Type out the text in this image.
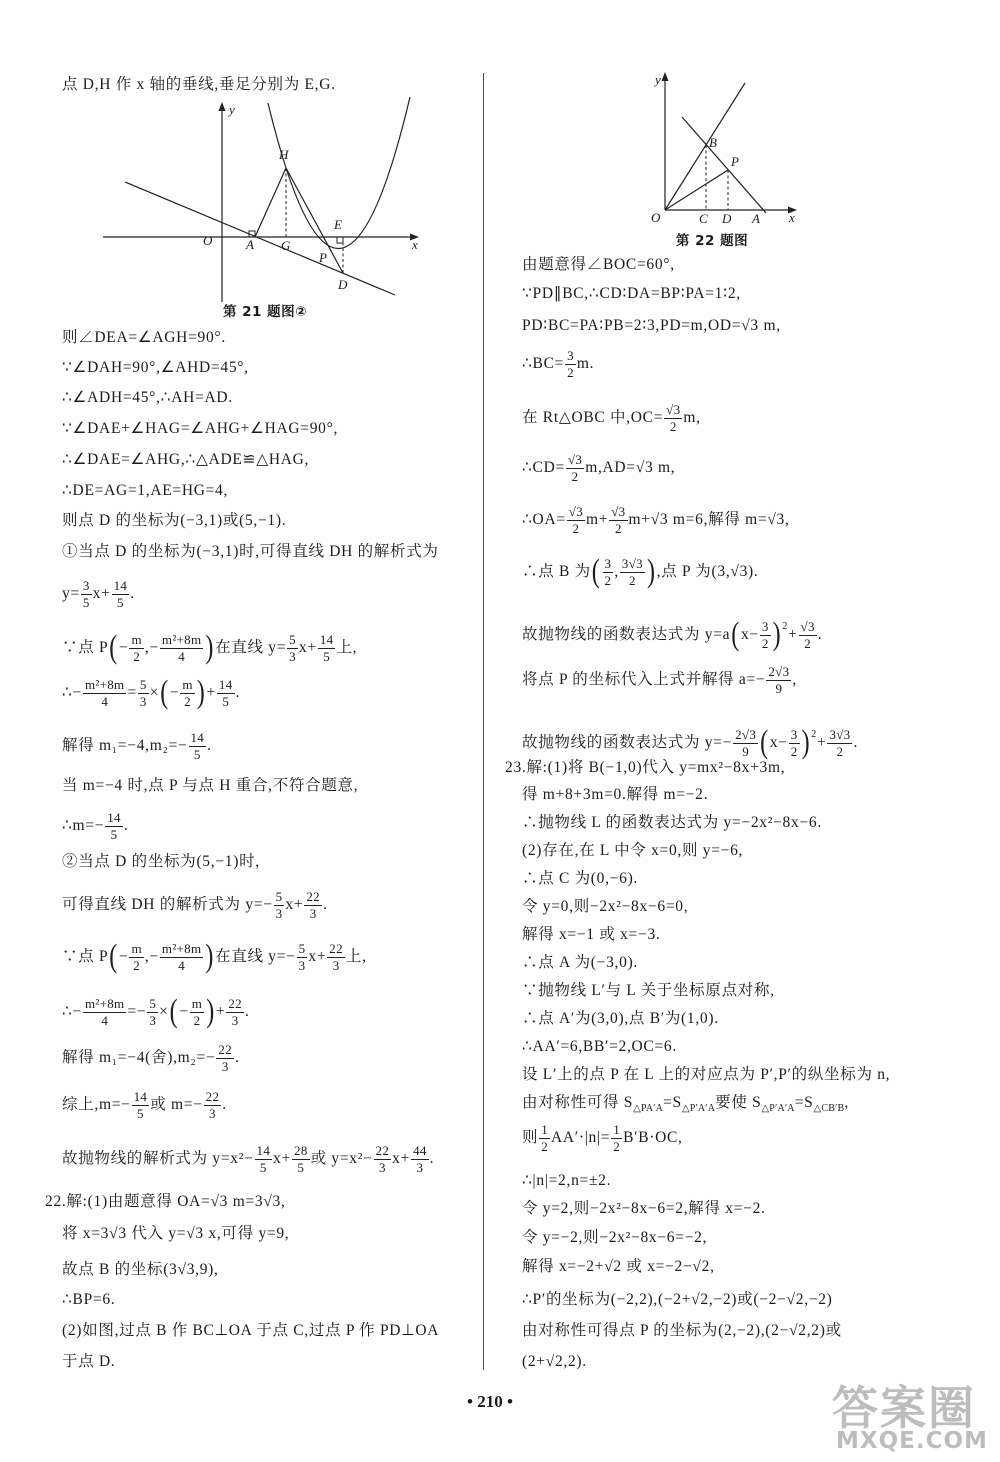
点 D,H 作 x 轴的垂线,垂足分别为 E,G.
则∠DEA=∠AGH=90°.
∵∠DAH=90°,∠AHD=45°,
∴∠ADH=45°,∴AH=AD.
∵∠DAE+∠HAG=∠AHG+∠HAG=90°,
∴∠DAE=∠AHG,∴△ADE≌△HAG,
∴DE=AG=1,AE=HG=4,
则点 D 的坐标为(−3,1)或(5,−1).
①当点 D 的坐标为(−3,1)时,可得直线 DH 的解析式为
$y= \frac{3}{5} x+ \frac{14}{5}$ .
∵点 $P(- \frac{m}{2}$ ,− $\frac{\text{m²+8m}}{4}$ )在直线 $y= \frac{5}{3} x+ \frac{14}{5}$ 上,
∴− $\frac{\text{m²+8m}}{4} = \frac{5}{3}$ ×(− $\frac{m}{2}$ )+ $\frac{14}{5}$ .
解得 $m_1=-4,m_2=- \frac{14}{5}$ .
当 m=−4 时,点 P 与点 H 重合,不符合题意,
∴m=− $\frac{14}{5}$ .
②当点 D 的坐标为(5,−1)时,
可得直线 DH 的解析式为 $y=- \frac{5}{3} x+ \frac{22}{3}$ .
∵点 $P(- \frac{m}{2}$ ,− $\frac{\text{m²+8m}}{4}$ )在直线 $y=- \frac{5}{3} x+ \frac{22}{3}$ 上,
∴− $\frac{\text{m²+8m}}{4} =- \frac{5}{3}$ ×(− $\frac{m}{2}$ )+ $\frac{22}{3}$ .
解得 m₁=−4(舍)$,m_2=- \frac{22}{3}$ .
综上$,m=- \frac{14}{5}$ 或 $m=- \frac{22}{3}$ .
故抛物线的解析式为 $y=x^2- \frac{14}{5} x+ \frac{28}{5}$ 或 $y=x^2- \frac{22}{3} x+ \frac{44}{3}$ .
22.解:(1)由题意得 OA=√3 m=3√3,
将 x=3√3 代入 y=√3 x,可得 y=9,
故点 B 的坐标(3√3,9),
∴BP=6.
(2)如图,过点 B 作 BC⊥OA 于点 C,过点 P 作 PD⊥OA
于点 D.
由题意得∠BOC=60°,
∵PD∥BC,∴CD∶DA=BP∶PA=1∶2,
PD∶BC=PA∶PB=2∶3,PD=m,OD=√3 m,
∴BC= $\frac{3}{2} m$.
在 Rt△OBC 中$,OC= \frac{√3}{2} m$,
∴CD= $\frac{√3}{2} m,AD=√3$ m,
∴OA= $\frac{√3}{2} m+ \frac{√3}{2} m+√3$ m=6,解得 m=√3,
∴点 B 为( $\frac{3}{2}$ , $\frac{3√3}{2}$ ),点 P 为(3,√3).
故抛物线的函数表达式为 $y=a(x- \frac{3}{2} )^2+ \frac{√3}{2}$ .
将点 P 的坐标代入上式并解得 $a=- \frac{2√3}{9}$ ,
故抛物线的函数表达式为 $y=- \frac{2√3}{9} (x- \frac{3}{2} )^2+ \frac{3√3}{2}$ .
23.解:(1)将 B(−1,0)代入 y=mx²−8x+3m,
得 m+8+3m=0.解得 m=−2.
∴抛物线 L 的函数表达式为 y=−2x²−8x−6.
(2)存在,在 L 中令 x=0,则 y=−6,
∴点 C 为(0,−6).
令 y=0,则−2x²−8x−6=0,
解得 x=−1 或 x=−3.
∴点 A 为(−3,0).
∵抛物线 L′与 L 关于坐标原点对称,
∴点 A′为(3,0),点 B′为(1,0).
∴AA′=6,BB′=2,OC=6.
设 L′上的点 P 在 L 上的对应点为 P′,P′的纵坐标为 n,
由对称性可得 $S_{\triangle PA'A}=S_{\triangle P'A'A}$要使 $S_{\triangle P'A'A}=S_{\triangle CB'B}$,
则 $\frac{1}{2} AA'\cdot|n|= \frac{1}{2} B'B\cdot OC$,
∴|n|=2,n=±2.
令 y=2,则−2x²−8x−6=2,解得 x=−2.
令 y=−2,则−2x²−8x−6=−2,
解得 x=−2+√2 或 x=−2−√2,
∴P′的坐标为(−2,2),(−2+√2,−2)或(−2−√2,−2)
由对称性可得点 P 的坐标为(2,−2),(2−√2,2)或
(2+√2,2).
y
x
O
H
A G
E
P
D
第 21 题图②
y
x
O
B
P
C D A
第 22 题图
• 210 •	答案圈
MXQE.COM
